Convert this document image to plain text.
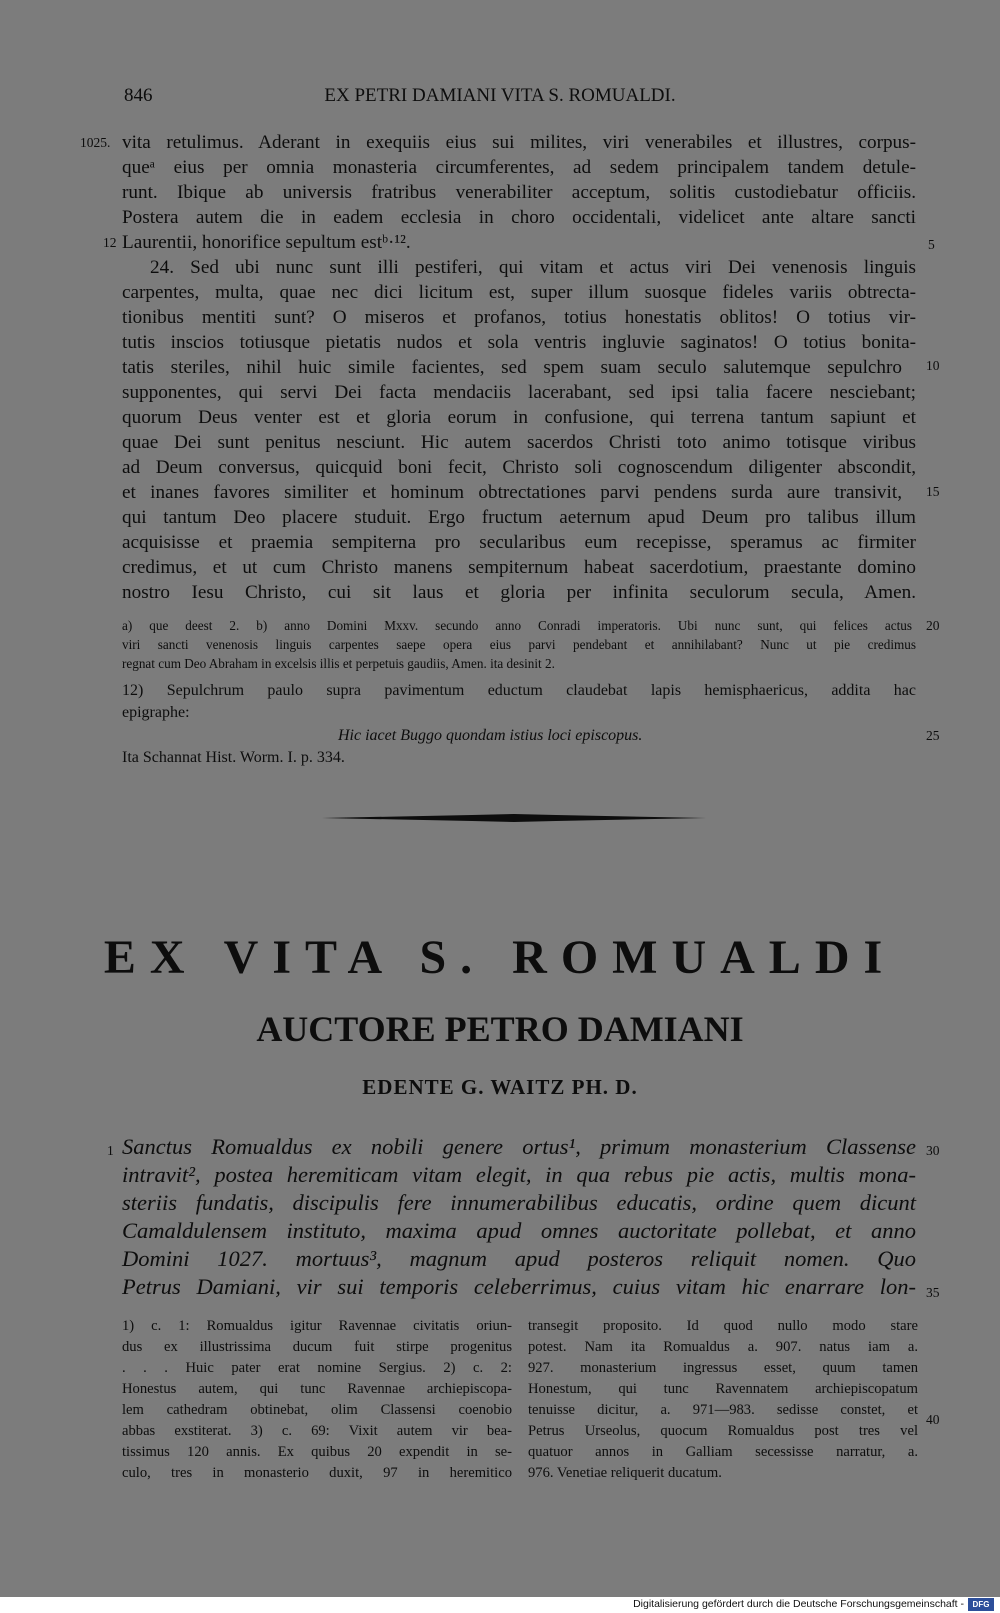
846	EX PETRI DAMIANI VITA S. ROMUALDI.
1025.
12	5
10
15
20
25
30
35
40
1
vita retulimus. Aderant in exequiis eius sui milites, viri venerabiles et illustres, corpus-
queᵃ eius per omnia monasteria circumferentes, ad sedem principalem tandem detule-
runt. Ibique ab universis fratribus venerabiliter acceptum, solitis custodiebatur officiis.
Postera autem die in eadem ecclesia in choro occidentali, videlicet ante altare sancti
Laurentii, honorifice sepultum estᵇ·¹².
24. Sed ubi nunc sunt illi pestiferi, qui vitam et actus viri Dei venenosis linguis
carpentes, multa, quae nec dici licitum est, super illum suosque fideles variis obtrecta-
tionibus mentiti sunt? O miseros et profanos, totius honestatis oblitos! O totius vir-
tutis inscios totiusque pietatis nudos et sola ventris ingluvie saginatos! O totius bonita-
tatis steriles, nihil huic simile facientes, sed spem suam seculo salutemque sepulchro
supponentes, qui servi Dei facta mendaciis lacerabant, sed ipsi talia facere nesciebant;
quorum Deus venter est et gloria eorum in confusione, qui terrena tantum sapiunt et
quae Dei sunt penitus nesciunt. Hic autem sacerdos Christi toto animo totisque viribus
ad Deum conversus, quicquid boni fecit, Christo soli cognoscendum diligenter abscondit,
et inanes favores similiter et hominum obtrectationes parvi pendens surda aure transivit,
qui tantum Deo placere studuit. Ergo fructum aeternum apud Deum pro talibus illum
acquisisse et praemia sempiterna pro secularibus eum recepisse, speramus ac firmiter
credimus, et ut cum Christo manens sempiternum habeat sacerdotium, praestante domino
nostro Iesu Christo, cui sit laus et gloria per infinita seculorum secula, Amen.
a) que deest 2. b) anno Domini Mxxv. secundo anno Conradi imperatoris. Ubi nunc sunt, qui felices actus
viri sancti venenosis linguis carpentes saepe opera eius parvi pendebant et annihilabant? Nunc ut pie credimus
regnat cum Deo Abraham in excelsis illis et perpetuis gaudiis, Amen. ita desinit 2.
12) Sepulchrum paulo supra pavimentum eductum claudebat lapis hemisphaericus, addita hac
epigraphe:
Hic iacet Buggo quondam istius loci episcopus.
Ita Schannat Hist. Worm. I. p. 334.
EX VITA S. ROMUALDI
AUCTORE PETRO DAMIANI
EDENTE G. WAITZ PH. D.
Sanctus Romualdus ex nobili genere ortus¹, primum monasterium Classense
intravit², postea heremiticam vitam elegit, in qua rebus pie actis, multis mona-
steriis fundatis, discipulis fere innumerabilibus educatis, ordine quem dicunt
Camaldulensem instituto, maxima apud omnes auctoritate pollebat, et anno
Domini 1027. mortuus³, magnum apud posteros reliquit nomen. Quo
Petrus Damiani, vir sui temporis celeberrimus, cuius vitam hic enarrare lon-
1) c. 1: Romualdus igitur Ravennae civitatis oriun-
dus ex illustrissima ducum fuit stirpe progenitus
. . . Huic pater erat nomine Sergius. 2) c. 2:
Honestus autem, qui tunc Ravennae archiepiscopa-
lem cathedram obtinebat, olim Classensi coenobio
abbas exstiterat. 3) c. 69: Vixit autem vir bea-
tissimus 120 annis. Ex quibus 20 expendit in se-
culo, tres in monasterio duxit, 97 in heremitico
transegit proposito. Id quod nullo modo stare
potest. Nam ita Romualdus a. 907. natus iam a.
927. monasterium ingressus esset, quum tamen
Honestum, qui tunc Ravennatem archiepiscopatum
tenuisse dicitur, a. 971—983. sedisse constet, et
Petrus Urseolus, quocum Romualdus post tres vel
quatuor annos in Galliam secessisse narratur, a.
976. Venetiae reliquerit ducatum.
Digitalisierung gefördert durch die Deutsche Forschungsgemeinschaft -	DFG
